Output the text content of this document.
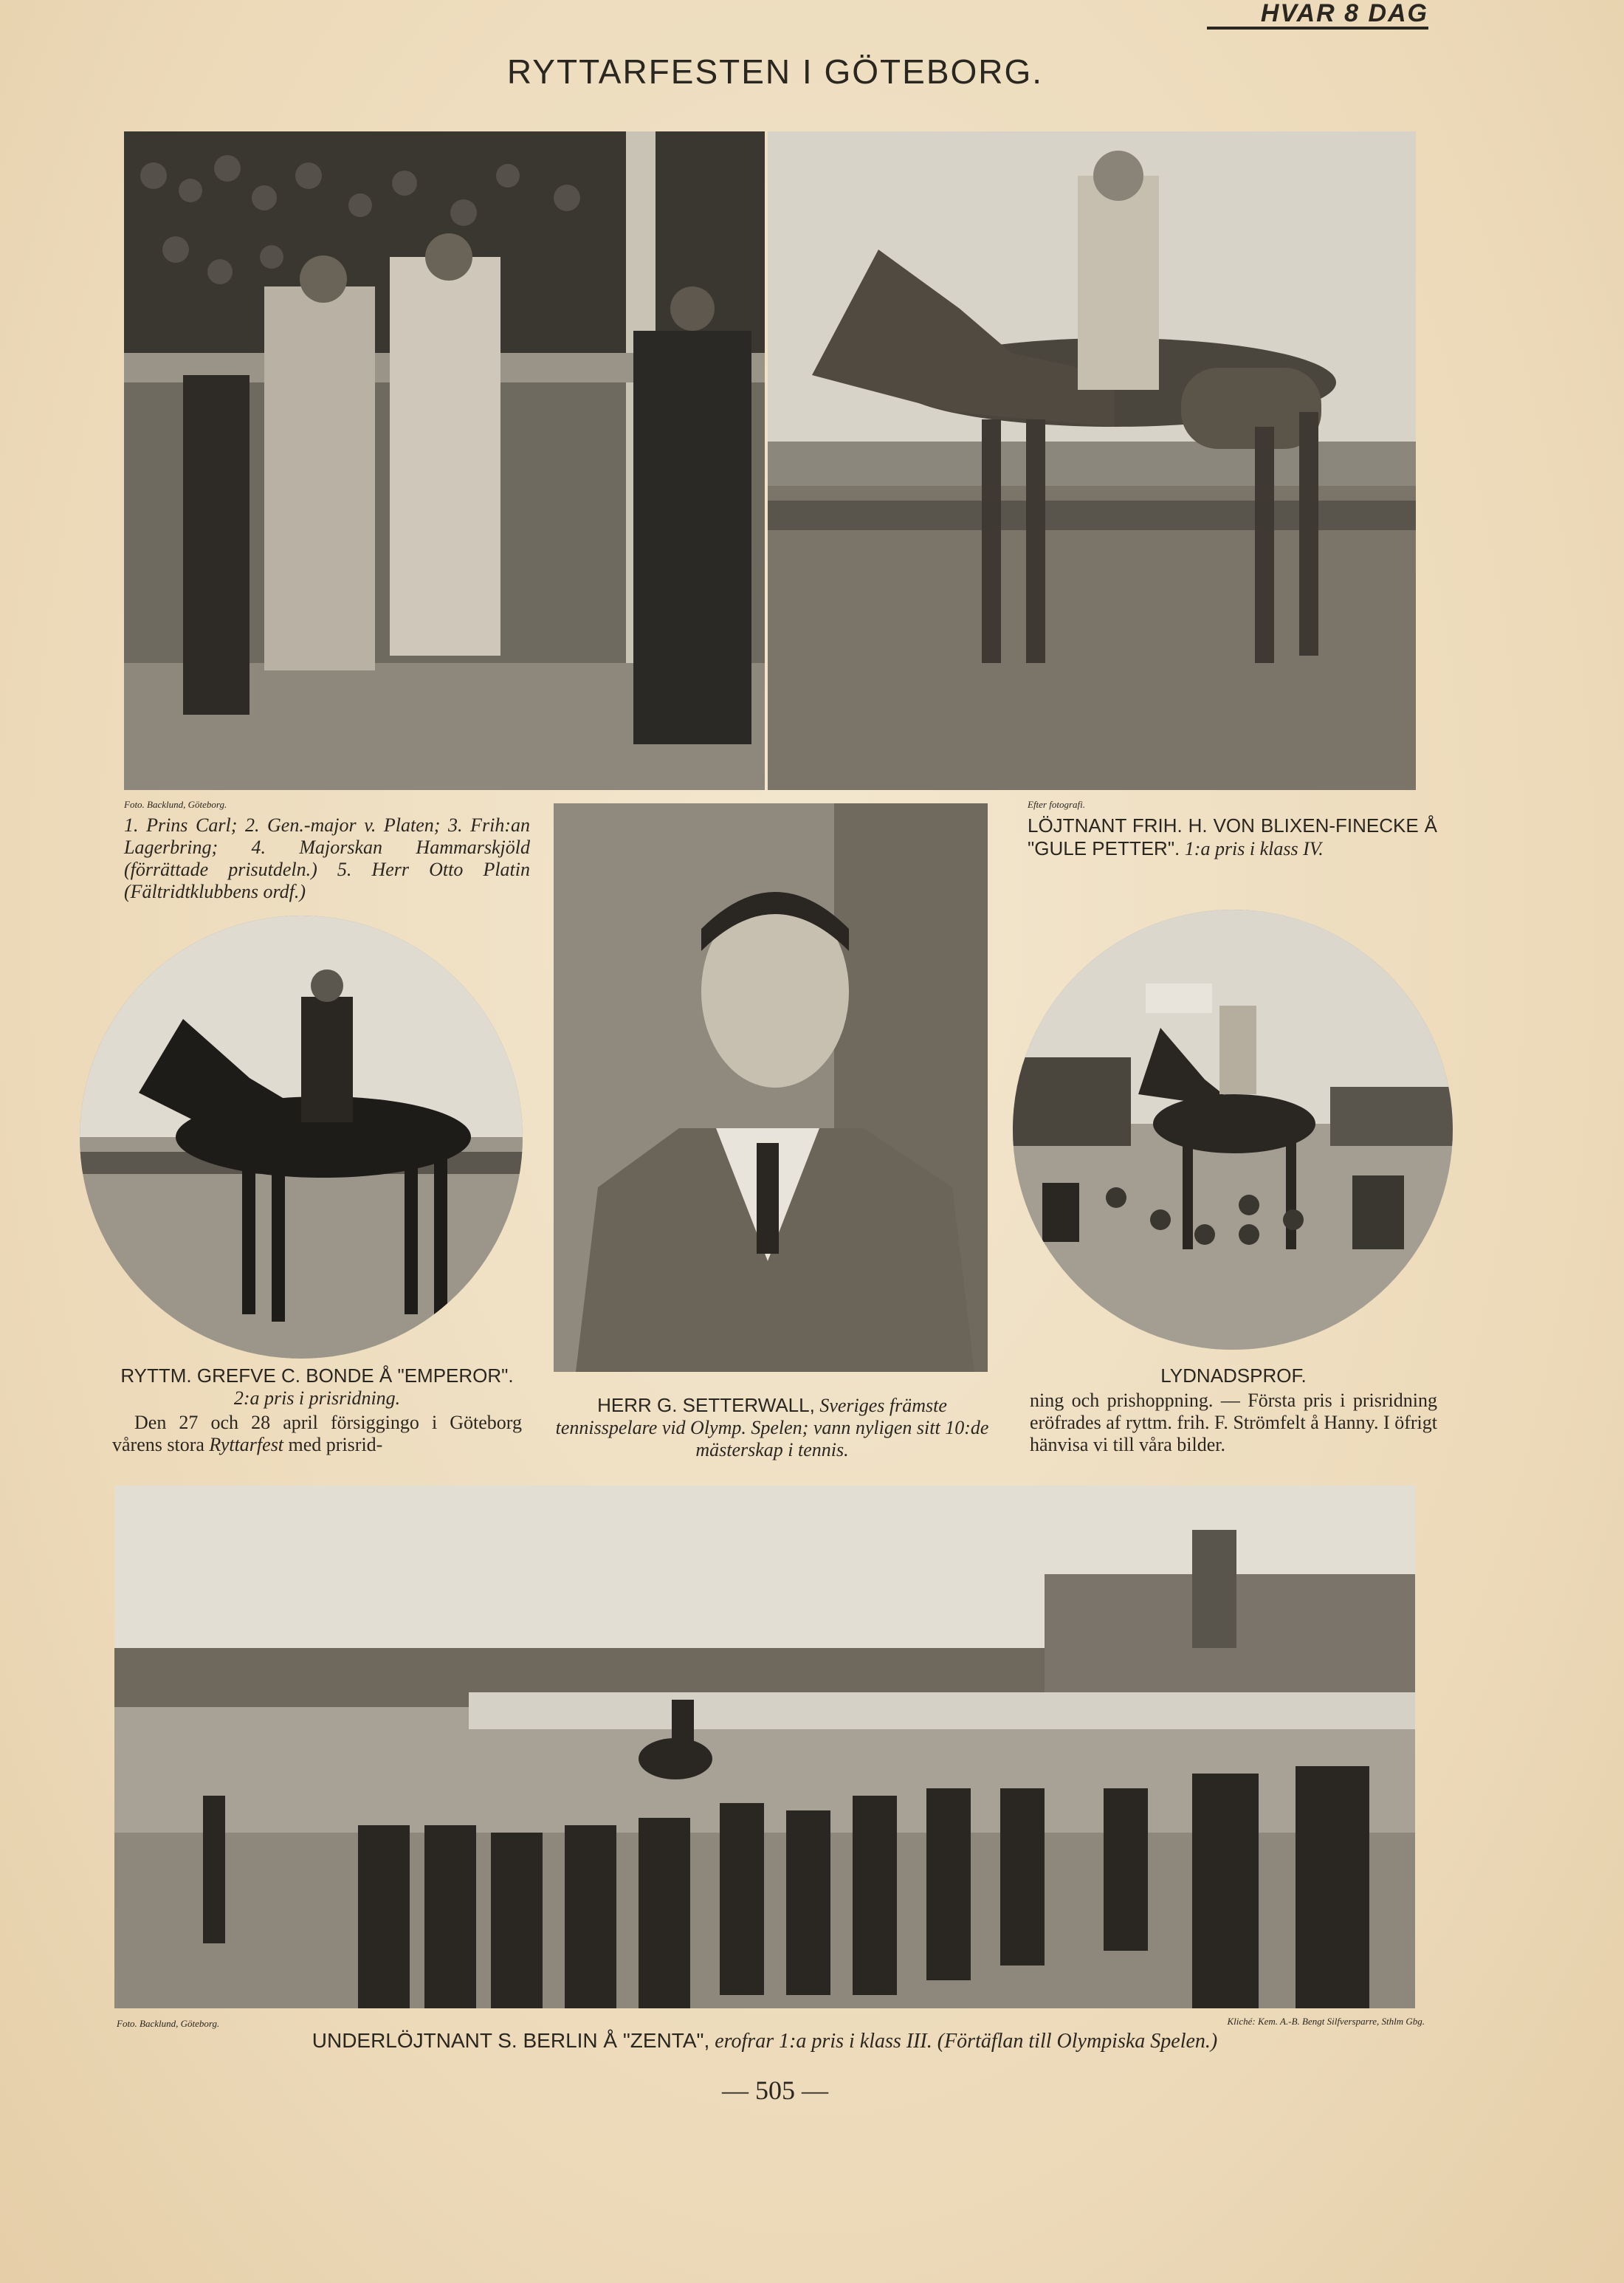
HVAR 8 DAG
RYTTARFESTEN I GÖTEBORG.
Foto. Backlund, Göteborg.
1. Prins Carl; 2. Gen.-major v. Platen; 3. Frih:an Lagerbring; 4. Majorskan Hammarskjöld (förrättade prisutdeln.) 5. Herr Otto Platin (Fältridtklubbens ordf.)
Efter fotografi.
LÖJTNANT FRIH. H. VON BLIXEN-FINECKE Å "GULE PETTER". 1:a pris i klass IV.
RYTTM. GREFVE C. BONDE Å "EMPEROR". 2:a pris i prisridning.
Den 27 och 28 april försiggingo i Göteborg vårens stora Ryttarfest med prisrid-
HERR G. SETTERWALL, Sveriges främste tennisspelare vid Olymp. Spelen; vann nyligen sitt 10:de mästerskap i tennis.
LYDNADSPROF.
ning och prishoppning. — Första pris i prisridning eröfrades af ryttm. frih. F. Strömfelt å Hanny. I öfrigt hänvisa vi till våra bilder.
Foto. Backlund, Göteborg.	Kliché: Kem. A.-B. Bengt Silfversparre, Sthlm Gbg.
UNDERLÖJTNANT S. BERLIN Å "ZENTA", erofrar 1:a pris i klass III. (Förtäflan till Olympiska Spelen.)
— 505 —
